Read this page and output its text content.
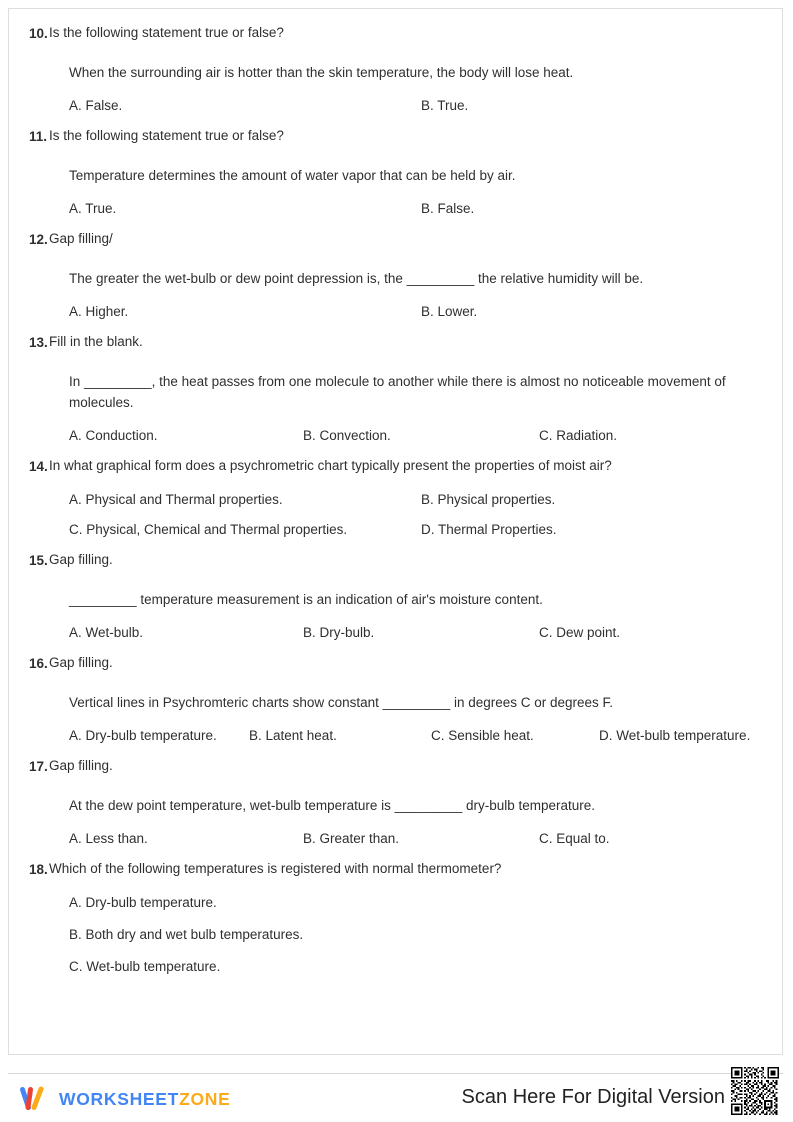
10. Is the following statement true or false?
When the surrounding air is hotter than the skin temperature, the body will lose heat.
A. False.	B. True.
11. Is the following statement true or false?
Temperature determines the amount of water vapor that can be held by air.
A. True.	B. False.
12. Gap filling/
The greater the wet-bulb or dew point depression is, the _________ the relative humidity will be.
A. Higher.	B. Lower.
13. Fill in the blank.
In _________, the heat passes from one molecule to another while there is almost no noticeable movement of molecules.
A. Conduction.	B. Convection.	C. Radiation.
14. In what graphical form does a psychrometric chart typically present the properties of moist air?
A. Physical and Thermal properties.	B. Physical properties.
C. Physical, Chemical and Thermal properties.	D. Thermal Properties.
15. Gap filling.
_________ temperature measurement is an indication of air's moisture content.
A. Wet-bulb.	B. Dry-bulb.	C. Dew point.
16. Gap filling.
Vertical lines in Psychromteric charts show constant _________ in degrees C or degrees F.
A. Dry-bulb temperature. B. Latent heat.	C. Sensible heat.	D. Wet-bulb temperature.
17. Gap filling.
At the dew point temperature, wet-bulb temperature is _________ dry-bulb temperature.
A. Less than.	B. Greater than.	C. Equal to.
18. Which of the following temperatures is registered with normal thermometer?
A. Dry-bulb temperature.
B. Both dry and wet bulb temperatures.
C. Wet-bulb temperature.
WORKSHEETZONE	Scan Here For Digital Version
